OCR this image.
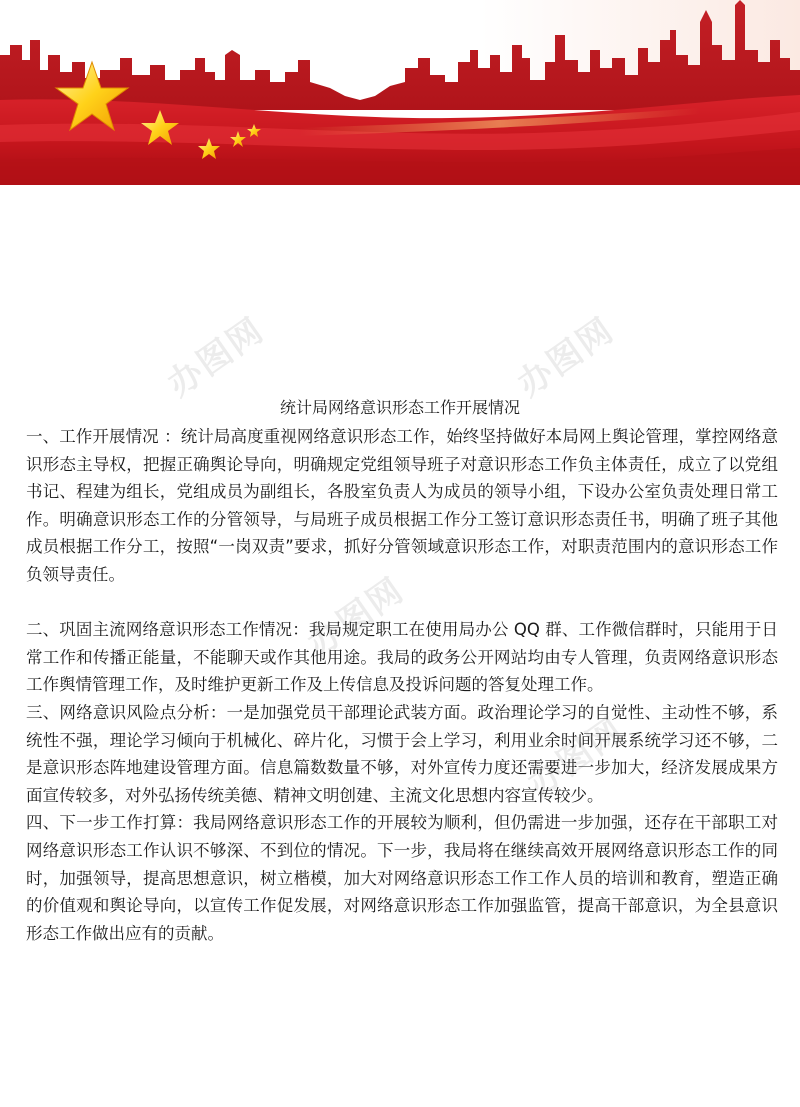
办图网	办图网
办图网
办图网
统计局网络意识形态工作开展情况

一、工作开展情况 ：统计局高度重视网络意识形态工作，始终坚持做好本局网上舆论管理，掌控网络意识形态主导权，把握正确舆论导向，明确规定党组领导班子对意识形态工作负主体责任，成立了以党组书记、程建为组长，党组成员为副组长，各股室负责人为成员的领导小组，下设办公室负责处理日常工作。明确意识形态工作的分管领导，与局班子成员根据工作分工签订意识形态责任书，明确了班子其他成员根据工作分工，按照“一岗双责”要求，抓好分管领域意识形态工作，对职责范围内的意识形态工作负领导责任。

二、巩固主流网络意识形态工作情况：我局规定职工在使用局办公 QQ 群、工作微信群时，只能用于日常工作和传播正能量，不能聊天或作其他用途。我局的政务公开网站均由专人管理，负责网络意识形态工作舆情管理工作，及时维护更新工作及上传信息及投诉问题的答复处理工作。

三、网络意识风险点分析：一是加强党员干部理论武装方面。政治理论学习的自觉性、主动性不够，系统性不强，理论学习倾向于机械化、碎片化，习惯于会上学习，利用业余时间开展系统学习还不够，二是意识形态阵地建设管理方面。信息篇数数量不够，对外宣传力度还需要进一步加大，经济发展成果方面宣传较多，对外弘扬传统美德、精神文明创建、主流文化思想内容宣传较少。

四、下一步工作打算：我局网络意识形态工作的开展较为顺利，但仍需进一步加强，还存在干部职工对网络意识形态工作认识不够深、不到位的情况。下一步，我局将在继续高效开展网络意识形态工作的同时，加强领导，提高思想意识，树立楷模，加大对网络意识形态工作工作人员的培训和教育，塑造正确的价值观和舆论导向，以宣传工作促发展，对网络意识形态工作加强监管，提高干部意识，为全县意识形态工作做出应有的贡献。
